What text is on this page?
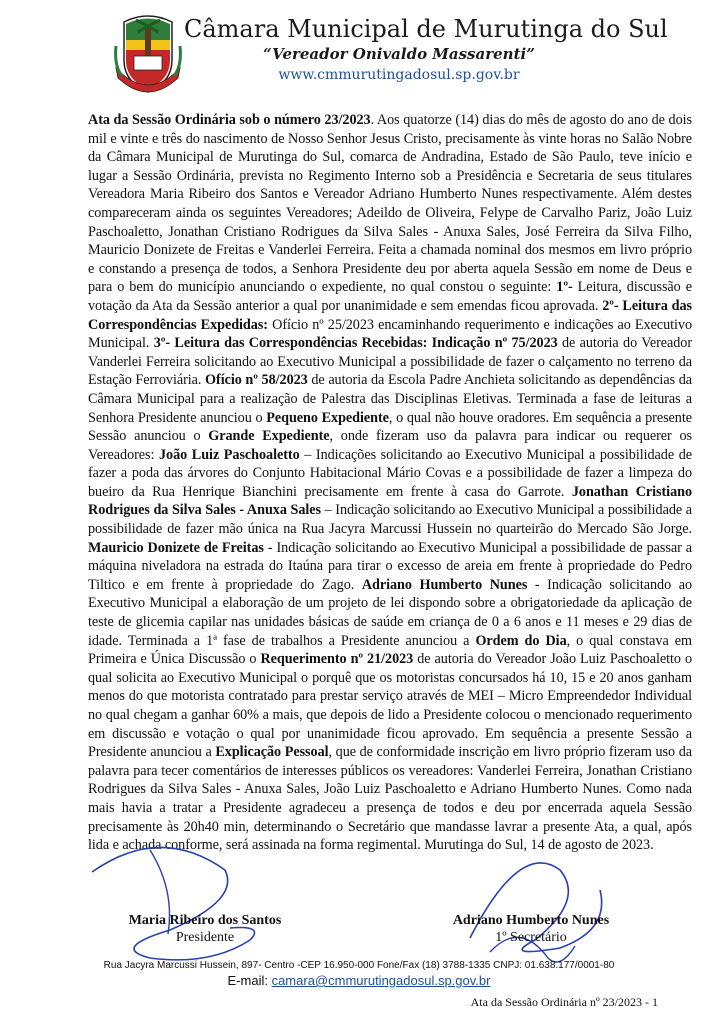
Câmara Municipal de Murutinga do Sul
“Vereador Onivaldo Massarenti”
www.cmmurutingadosul.sp.gov.br

Ata da Sessão Ordinária sob o número 23/2023. Aos quatorze (14) dias do mês de agosto do ano de dois mil e vinte e três do nascimento de Nosso Senhor Jesus Cristo, precisamente às vinte horas no Salão Nobre da Câmara Municipal de Murutinga do Sul, comarca de Andradina, Estado de São Paulo, teve início e lugar a Sessão Ordinária, prevista no Regimento Interno sob a Presidência e Secretaria de seus titulares Vereadora Maria Ribeiro dos Santos e Vereador Adriano Humberto Nunes respectivamente. Além destes compareceram ainda os seguintes Vereadores; Adeildo de Oliveira, Felype de Carvalho Pariz, João Luiz Paschoaletto, Jonathan Cristiano Rodrigues da Silva Sales - Anuxa Sales, José Ferreira da Silva Filho, Mauricio Donizete de Freitas e Vanderlei Ferreira. Feita a chamada nominal dos mesmos em livro próprio e constando a presença de todos, a Senhora Presidente deu por aberta aquela Sessão em nome de Deus e para o bem do município anunciando o expediente, no qual constou o seguinte: 1º- Leitura, discussão e votação da Ata da Sessão anterior a qual por unanimidade e sem emendas ficou aprovada. 2º- Leitura das Correspondências Expedidas: Ofício nº 25/2023 encaminhando requerimento e indicações ao Executivo Municipal. 3º- Leitura das Correspondências Recebidas: Indicação nº 75/2023 de autoria do Vereador Vanderlei Ferreira solicitando ao Executivo Municipal a possibilidade de fazer o calçamento no terreno da Estação Ferroviária. Ofício nº 58/2023 de autoria da Escola Padre Anchieta solicitando as dependências da Câmara Municipal para a realização de Palestra das Disciplinas Eletivas. Terminada a fase de leituras a Senhora Presidente anunciou o Pequeno Expediente, o qual não houve oradores. Em sequência a presente Sessão anunciou o Grande Expediente, onde fizeram uso da palavra para indicar ou requerer os Vereadores: João Luiz Paschoaletto – Indicações solicitando ao Executivo Municipal a possibilidade de fazer a poda das árvores do Conjunto Habitacional Mário Covas e a possibilidade de fazer a limpeza do bueiro da Rua Henrique Bianchini precisamente em frente à casa do Garrote. Jonathan Cristiano Rodrigues da Silva Sales - Anuxa Sales – Indicação solicitando ao Executivo Municipal a possibilidade a possibilidade de fazer mão única na Rua Jacyra Marcussi Hussein no quarteirão do Mercado São Jorge. Mauricio Donizete de Freitas - Indicação solicitando ao Executivo Municipal a possibilidade de passar a máquina niveladora na estrada do Itaúna para tirar o excesso de areia em frente à propriedade do Pedro Tiltico e em frente à propriedade do Zago. Adriano Humberto Nunes - Indicação solicitando ao Executivo Municipal a elaboração de um projeto de lei dispondo sobre a obrigatoriedade da aplicação de teste de glicemia capilar nas unidades básicas de saúde em criança de 0 a 6 anos e 11 meses e 29 dias de idade. Terminada a 1ª fase de trabalhos a Presidente anunciou a Ordem do Dia, o qual constava em Primeira e Única Discussão o Requerimento nº 21/2023 de autoria do Vereador João Luiz Paschoaletto o qual solicita ao Executivo Municipal o porquê que os motoristas concursados há 10, 15 e 20 anos ganham menos do que motorista contratado para prestar serviço através de MEI – Micro Empreendedor Individual no qual chegam a ganhar 60% a mais, que depois de lido a Presidente colocou o mencionado requerimento em discussão e votação o qual por unanimidade ficou aprovado. Em sequência a presente Sessão a Presidente anunciou a Explicação Pessoal, que de conformidade inscrição em livro próprio fizeram uso da palavra para tecer comentários de interesses públicos os vereadores: Vanderlei Ferreira, Jonathan Cristiano Rodrigues da Silva Sales - Anuxa Sales, João Luiz Paschoaletto e Adriano Humberto Nunes. Como nada mais havia a tratar a Presidente agradeceu a presença de todos e deu por encerrada aquela Sessão precisamente às 20h40 min, determinando o Secretário que mandasse lavrar a presente Ata, a qual, após lida e achada conforme, será assinada na forma regimental. Murutinga do Sul, 14 de agosto de 2023.

Maria Ribeiro dos Santos
Presidente
Adriano Humberto Nunes
1º Secretário
Rua Jacyra Marcussi Hussein, 897- Centro -CEP 16.950-000 Fone/Fax (18) 3788-1335 CNPJ: 01.638.177/0001-80
E-mail: camara@cmmurutingadosul.sp.gov.br
Ata da Sessão Ordinária nº 23/2023 - 1
